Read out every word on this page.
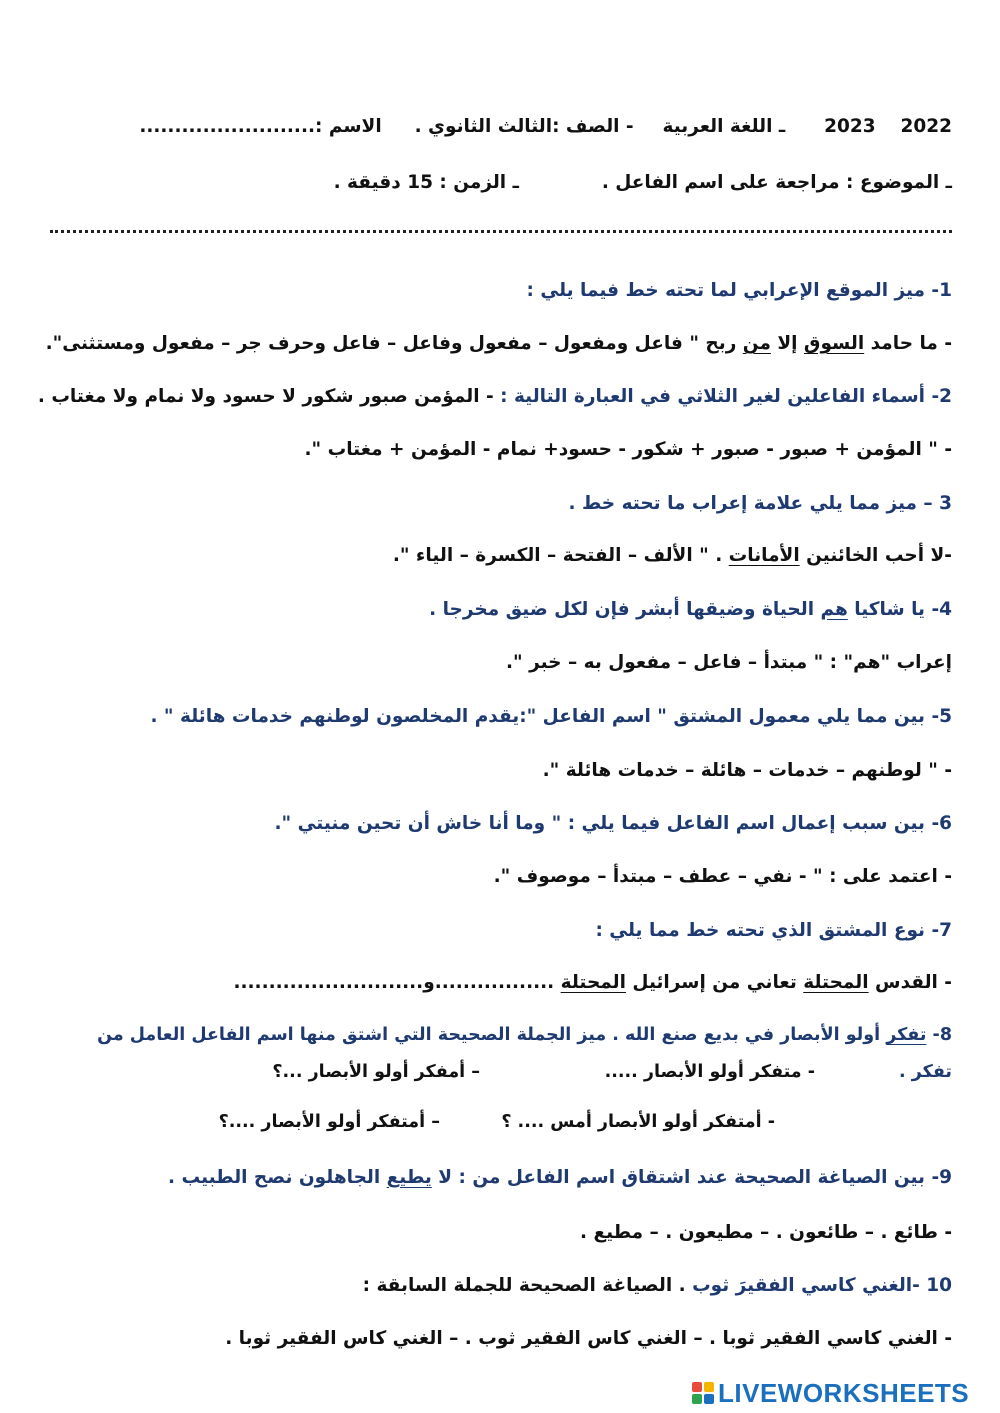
2022  2023  ـ اللغة العربية  - الصف :الثالث الثانوي .  الاسم :.........................
ـ الموضوع : مراجعة على اسم الفاعل .  ـ الزمن : 15 دقيقة .
1- ميز الموقع الإعرابي لما تحته خط فيما يلي :
- ما حامد السوق إلا من ربح " فاعل ومفعول – مفعول وفاعل – فاعل وحرف جر – مفعول ومستثنى".
2- أسماء الفاعلين لغير الثلاثي في العبارة التالية : - المؤمن صبور شكور لا حسود ولا نمام ولا مغتاب .
- " المؤمن + صبور - صبور + شكور - حسود+ نمام - المؤمن + مغتاب ".
3 – ميز مما يلي علامة إعراب ما تحته خط .
-لا أحب الخائنين الأمانات . " الألف – الفتحة – الكسرة – الياء ".
4- يا شاكيا هم الحياة وضيقها أبشر فإن لكل ضيق مخرجا .
إعراب "هم" : " مبتدأ – فاعل – مفعول به – خبر ".
5- بين مما يلي معمول المشتق " اسم الفاعل ":يقدم المخلصون لوطنهم خدمات هائلة " .
- " لوطنهم – خدمات – هائلة – خدمات هائلة ".
6- بين سبب إعمال اسم الفاعل فيما يلي : " وما أنا خاش أن تحين منيتي ".
- اعتمد على : " - نفي – عطف – مبتدأ – موصوف ".
7- نوع المشتق الذي تحته خط مما يلي :
- القدس المحتلة تعاني من إسرائيل المحتلة .................و...........................
8- تفكر أولو الأبصار في بديع صنع الله . ميز الجملة الصحيحة التي اشتق منها اسم الفاعل العامل من
تفكر .
- متفكر أولو الأبصار .....
– أمفكر أولو الأبصار ...؟
- أمتفكر أولو الأبصار أمس .... ؟
– أمتفكر أولو الأبصار ....؟
9- بين الصياغة الصحيحة عند اشتقاق اسم الفاعل من : لا يطيع الجاهلون نصح الطبيب .
- طائع . – طائعون . – مطيعون . – مطيع .
10 -الغني كاسي الفقيرَ ثوب . الصياغة الصحيحة للجملة السابقة :
- الغني كاسي الفقير ثوبا . – الغني كاس الفقير ثوب . – الغني كاس الفقير ثوبا .
LIVEWORKSHEETS
